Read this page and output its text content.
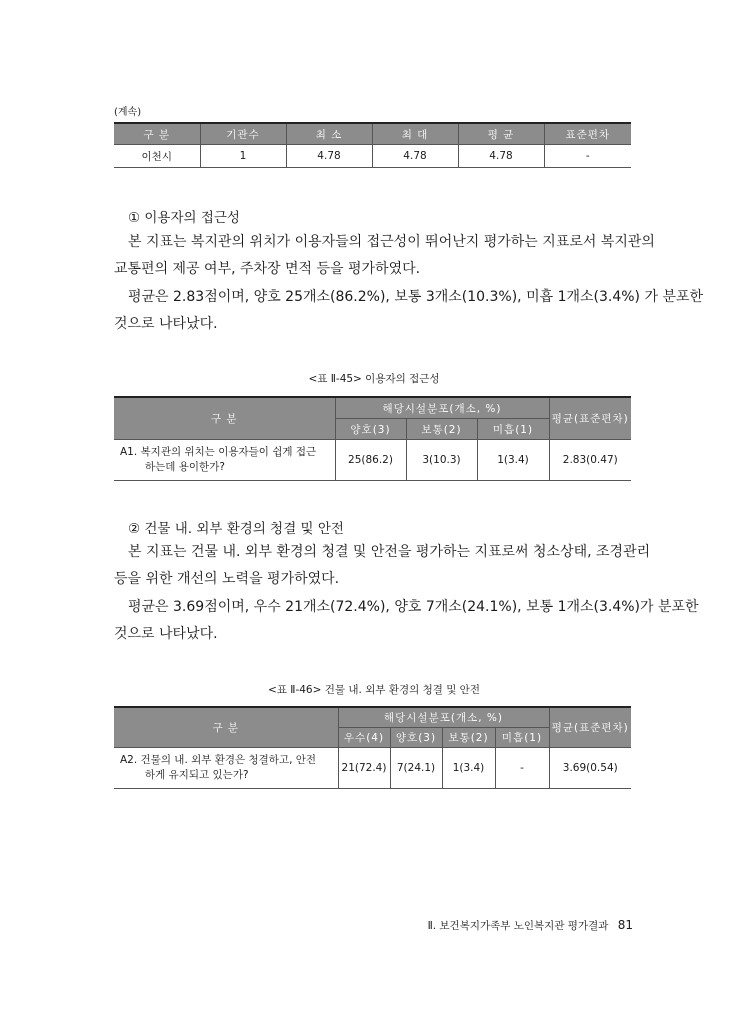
(계속)
구 분	기관수	최 소	최 대	평 균	표준편차
이천시	1	4.78	4.78	4.78	-
① 이용자의 접근성
본 지표는 복지관의 위치가 이용자들의 접근성이 뛰어난지 평가하는 지표로서 복지관의
교통편의 제공 여부, 주차장 면적 등을 평가하였다.
평균은 2.83점이며, 양호 25개소(86.2%), 보통 3개소(10.3%), 미흡 1개소(3.4%) 가 분포한
것으로 나타났다.
<표 Ⅱ-45> 이용자의 접근성
구 분	해당시설분포(개소, %)			평균(표준편차)
	양호(3)	보통(2)	미흡(1)	
A1. 복지관의 위치는 이용자들이 쉽게 접근
하는데 용이한가?	25(86.2)	3(10.3)	1(3.4)	2.83(0.47)
② 건물 내. 외부 환경의 청결 및 안전
본 지표는 건물 내. 외부 환경의 청결 및 안전을 평가하는 지표로써 청소상태, 조경관리
등을 위한 개선의 노력을 평가하였다.
평균은 3.69점이며, 우수 21개소(72.4%), 양호 7개소(24.1%), 보통 1개소(3.4%)가 분포한
것으로 나타났다.
<표 Ⅱ-46> 건물 내. 외부 환경의 청결 및 안전
구 분	해당시설분포(개소, %)				평균(표준편차)
	우수(4)	양호(3)	보통(2)	미흡(1)	
A2. 건물의 내. 외부 환경은 청결하고, 안전
하게 유지되고 있는가?	21(72.4)	7(24.1)	1(3.4)	-	3.69(0.54)
Ⅱ. 보건복지가족부 노인복지관 평가결과 81
